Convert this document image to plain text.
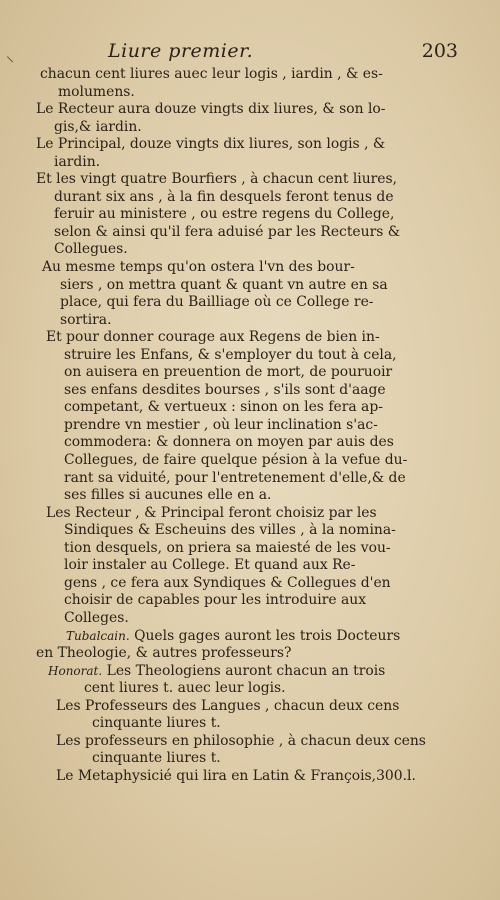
Liure premier.	203
⸜

chacun cent liures auec leur logis , iardin , & es-
molumens.

Le Recteur aura douze vingts dix liures, & son lo-
gis,& iardin.

Le Principal, douze vingts dix liures, son logis , &
iardin.

Et les vingt quatre Bourfiers , à chacun cent liures,
durant six ans , à la fin desquels feront tenus de
feruir au ministere , ou estre regens du College,
selon & ainsi qu'il fera aduisé par les Recteurs &
Collegues.

Au mesme temps qu'on ostera l'vn des bour-
siers , on mettra quant & quant vn autre en sa
place, qui fera du Bailliage où ce College re-
sortira.

Et pour donner courage aux Regens de bien in-
struire les Enfans, & s'employer du tout à cela,
on auisera en preuention de mort, de pouruoir
ses enfans desdites bourses , s'ils sont d'aage
competant, & vertueux : sinon on les fera ap-
prendre vn mestier , où leur inclination s'ac-
commodera: & donnera on moyen par auis des
Collegues, de faire quelque pésion à la vefue du-
rant sa viduité, pour l'entretenement d'elle,& de
ses filles si aucunes elle en a.

Les Recteur , & Principal feront choisiz par les
Sindiques & Escheuins des villes , à la nomina-
tion desquels, on priera sa maiesté de les vou-
loir instaler au College. Et quand aux Re-
gens , ce fera aux Syndiques & Collegues d'en
choisir de capables pour les introduire aux
Colleges.

Tubalcain. Quels gages auront les trois Docteurs
en Theologie, & autres professeurs?

Honorat. Les Theologiens auront chacun an trois
cent liures t. auec leur logis.

Les Professeurs des Langues , chacun deux cens
cinquante liures t.

Les professeurs en philosophie , à chacun deux cens
cinquante liures t.

Le Metaphysicié qui lira en Latin & François,300.l.
